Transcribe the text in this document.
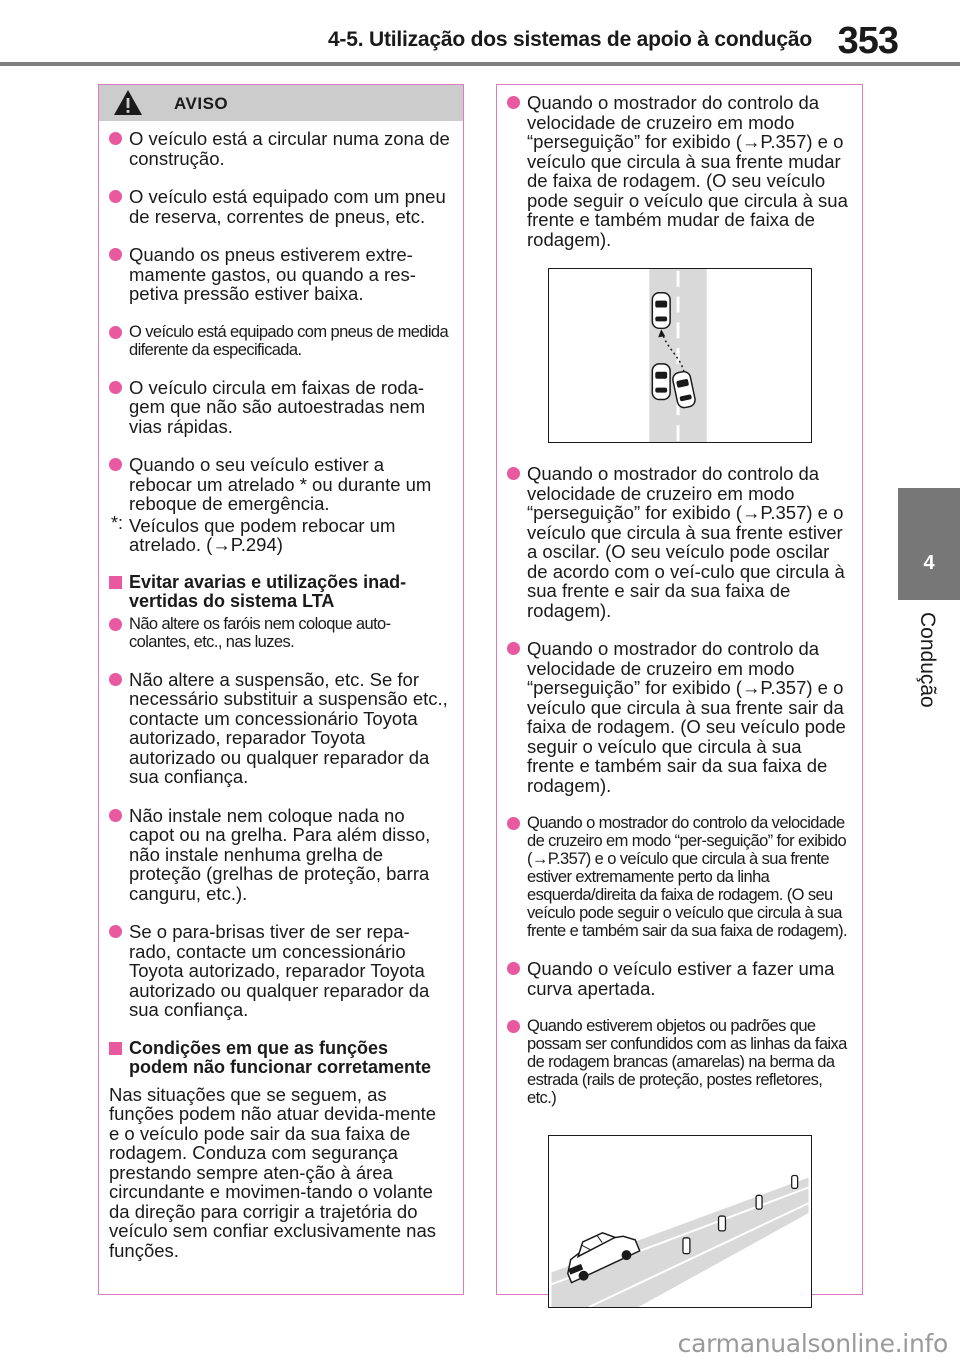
4-5. Utilização dos sistemas de apoio à condução 353
4
Condução
AVISO
O veículo está a circular numa zona de construção.
O veículo está equipado com um pneu de reserva, correntes de pneus, etc.
Quando os pneus estiverem extre-mamente gastos, ou quando a res-petiva pressão estiver baixa.
O veículo está equipado com pneus de medida diferente da especificada.
O veículo circula em faixas de roda-gem que não são autoestradas nem vias rápidas.
Quando o seu veículo estiver a rebocar um atrelado * ou durante um reboque de emergência.
*: Veículos que podem rebocar um atrelado. (→P.294)
Evitar avarias e utilizações inad-vertidas do sistema LTA
Não altere os faróis nem coloque auto-colantes, etc., nas luzes.
Não altere a suspensão, etc. Se for necessário substituir a suspensão etc., contacte um concessionário Toyota autorizado, reparador Toyota autorizado ou qualquer reparador da sua confiança.
Não instale nem coloque nada no capot ou na grelha. Para além disso, não instale nenhuma grelha de proteção (grelhas de proteção, barra canguru, etc.).
Se o para-brisas tiver de ser repa-rado, contacte um concessionário Toyota autorizado, reparador Toyota autorizado ou qualquer reparador da sua confiança.
Condições em que as funções podem não funcionar corretamente
Nas situações que se seguem, as funções podem não atuar devida-mente e o veículo pode sair da sua faixa de rodagem. Conduza com segurança prestando sempre aten-ção à área circundante e movimen-tando o volante da direção para corrigir a trajetória do veículo sem confiar exclusivamente nas funções.
Quando o mostrador do controlo da velocidade de cruzeiro em modo “perseguição” for exibido (→P.357) e o veículo que circula à sua frente mudar de faixa de rodagem. (O seu veículo pode seguir o veículo que circula à sua frente e também mudar de faixa de rodagem).
Quando o mostrador do controlo da velocidade de cruzeiro em modo “perseguição” for exibido (→P.357) e o veículo que circula à sua frente estiver a oscilar. (O seu veículo pode oscilar de acordo com o veí-culo que circula à sua frente e sair da sua faixa de rodagem).
Quando o mostrador do controlo da velocidade de cruzeiro em modo “perseguição” for exibido (→P.357) e o veículo que circula à sua frente sair da faixa de rodagem. (O seu veículo pode seguir o veículo que circula à sua frente e também sair da sua faixa de rodagem).
Quando o mostrador do controlo da velocidade de cruzeiro em modo “per-seguição” for exibido (→P.357) e o veículo que circula à sua frente estiver extremamente perto da linha esquerda/direita da faixa de rodagem. (O seu veículo pode seguir o veículo que circula à sua frente e também sair da sua faixa de rodagem).
Quando o veículo estiver a fazer uma curva apertada.
Quando estiverem objetos ou padrões que possam ser confundidos com as linhas da faixa de rodagem brancas (amarelas) na berma da estrada (rails de proteção, postes refletores, etc.)
carmanualsonline.info
